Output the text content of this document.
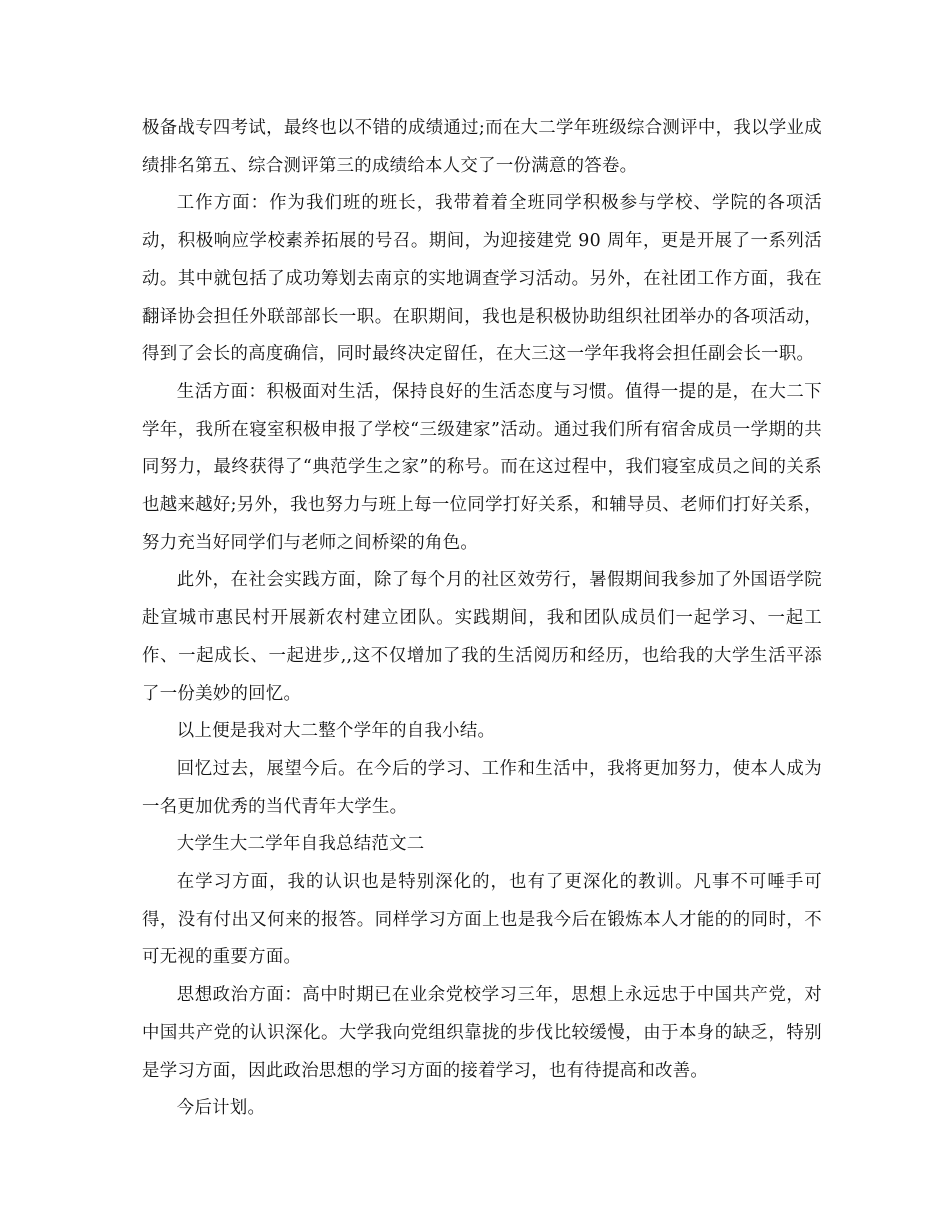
极备战专四考试，最终也以不错的成绩通过;而在大二学年班级综合测评中，我以学业成绩排名第五、综合测评第三的成绩给本人交了一份满意的答卷。

工作方面：作为我们班的班长，我带着着全班同学积极参与学校、学院的各项活动，积极响应学校素养拓展的号召。期间，为迎接建党 90 周年，更是开展了一系列活动。其中就包括了成功筹划去南京的实地调查学习活动。另外，在社团工作方面，我在翻译协会担任外联部部长一职。在职期间，我也是积极协助组织社团举办的各项活动，得到了会长的高度确信，同时最终决定留任，在大三这一学年我将会担任副会长一职。

生活方面：积极面对生活，保持良好的生活态度与习惯。值得一提的是，在大二下学年，我所在寝室积极申报了学校“三级建家”活动。通过我们所有宿舍成员一学期的共同努力，最终获得了“典范学生之家”的称号。而在这过程中，我们寝室成员之间的关系也越来越好;另外，我也努力与班上每一位同学打好关系，和辅导员、老师们打好关系，努力充当好同学们与老师之间桥梁的角色。

此外，在社会实践方面，除了每个月的社区效劳行，暑假期间我参加了外国语学院赴宣城市惠民村开展新农村建立团队。实践期间，我和团队成员们一起学习、一起工作、一起成长、一起进步,,这不仅增加了我的生活阅历和经历，也给我的大学生活平添了一份美妙的回忆。

以上便是我对大二整个学年的自我小结。

回忆过去，展望今后。在今后的学习、工作和生活中，我将更加努力，使本人成为一名更加优秀的当代青年大学生。

大学生大二学年自我总结范文二

在学习方面，我的认识也是特别深化的，也有了更深化的教训。凡事不可唾手可得，没有付出又何来的报答。同样学习方面上也是我今后在锻炼本人才能的的同时，不可无视的重要方面。

思想政治方面：高中时期已在业余党校学习三年，思想上永远忠于中国共产党，对中国共产党的认识深化。大学我向党组织靠拢的步伐比较缓慢，由于本身的缺乏，特别是学习方面，因此政治思想的学习方面的接着学习，也有待提高和改善。

今后计划。
